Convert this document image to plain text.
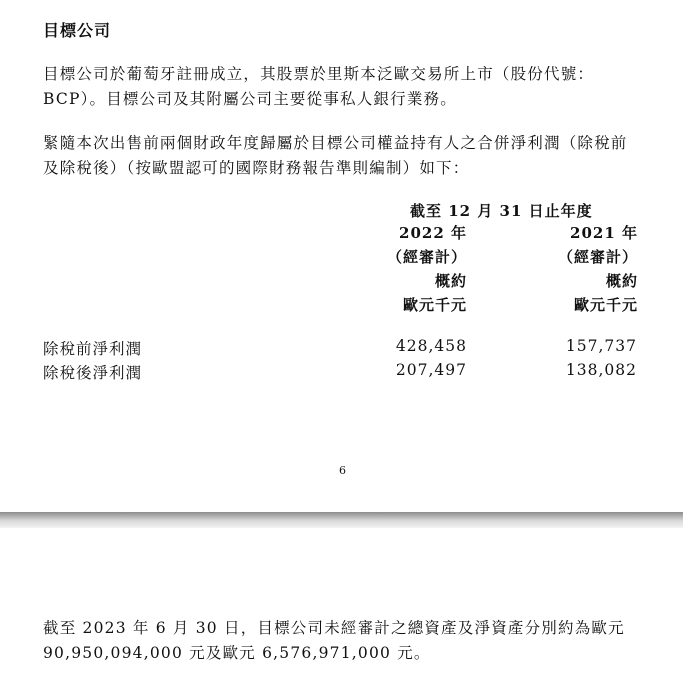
目標公司
目標公司於葡萄牙註冊成立，其股票於里斯本泛歐交易所上市（股份代號：BCP）。目標公司及其附屬公司主要從事私人銀行業務。
緊隨本次出售前兩個財政年度歸屬於目標公司權益持有人之合併淨利潤（除稅前及除稅後）（按歐盟認可的國際財務報告準則編制）如下：
截至 12 月 31 日止年度
2022 年
（經審計）
概約
歐元千元
2021 年
（經審計）
概約
歐元千元
除稅前淨利潤	428,458	157,737
除稅後淨利潤	207,497	138,082
6
截至 2023 年 6 月 30 日，目標公司未經審計之總資產及淨資產分別約為歐元 90,950,094,000 元及歐元 6,576,971,000 元。
